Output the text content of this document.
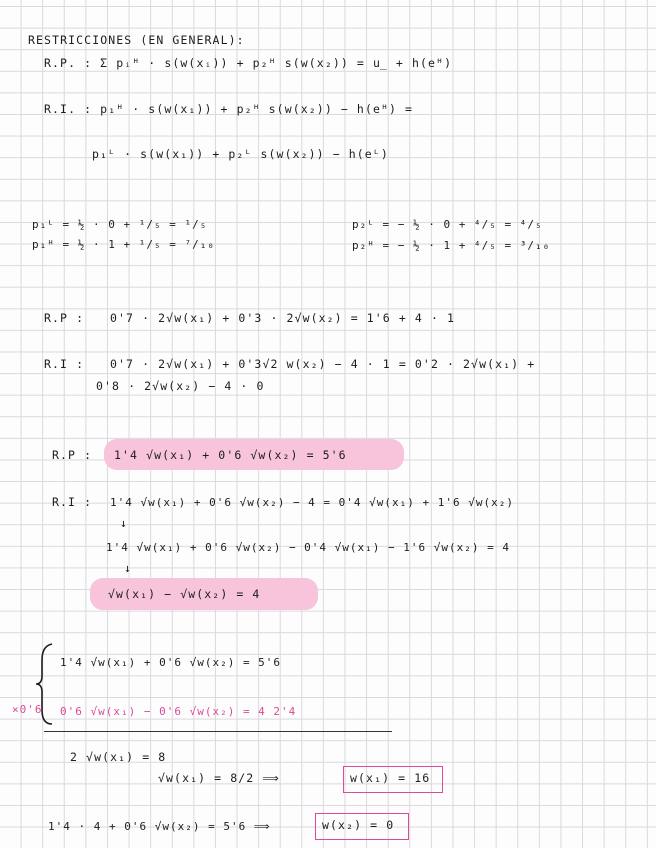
RESTRICCIONES (EN GENERAL):
R.P. : Σ pᵢᴴ · s(w(xᵢ)) + p₂ᴴ s(w(x₂)) = u̲ + h(eᴴ)
R.I. : p₁ᴴ · s(w(x₁)) + p₂ᴴ s(w(x₂)) − h(eᴴ) =
p₁ᴸ · s(w(x₁)) + p₂ᴸ s(w(x₂)) − h(eᴸ)
p₁ᴸ = ½ · 0 + ¹/₅ = ¹/₅
p₁ᴴ = ½ · 1 + ¹/₅ = ⁷/₁₀
p₂ᴸ = − ½ · 0 + ⁴/₅ = ⁴/₅
p₂ᴴ = − ½ · 1 + ⁴/₅ = ³/₁₀
R.P : 0'7 · 2√w(x₁) + 0'3 · 2√w(x₂) = 1'6 + 4 · 1
R.I : 0'7 · 2√w(x₁) + 0'3√2 w(x₂) − 4 · 1 = 0'2 · 2√w(x₁) +
0'8 · 2√w(x₂) − 4 · 0
R.P : 1'4 √w(x₁) + 0'6 √w(x₂) = 5'6
R.I : 1'4 √w(x₁) + 0'6 √w(x₂) − 4 = 0'4 √w(x₁) + 1'6 √w(x₂)
↓
1'4 √w(x₁) + 0'6 √w(x₂) − 0'4 √w(x₁) − 1'6 √w(x₂) = 4
↓
√w(x₁) − √w(x₂) = 4
1'4 √w(x₁) + 0'6 √w(x₂) = 5'6
×0'6 0'6 √w(x₁) − 0'6 √w(x₂) = 4 2'4
2 √w(x₁) = 8
√w(x₁) = 8/2 ⟹	w(x₁) = 16
1'4 · 4 + 0'6 √w(x₂) = 5'6 ⟹	w(x₂) = 0
